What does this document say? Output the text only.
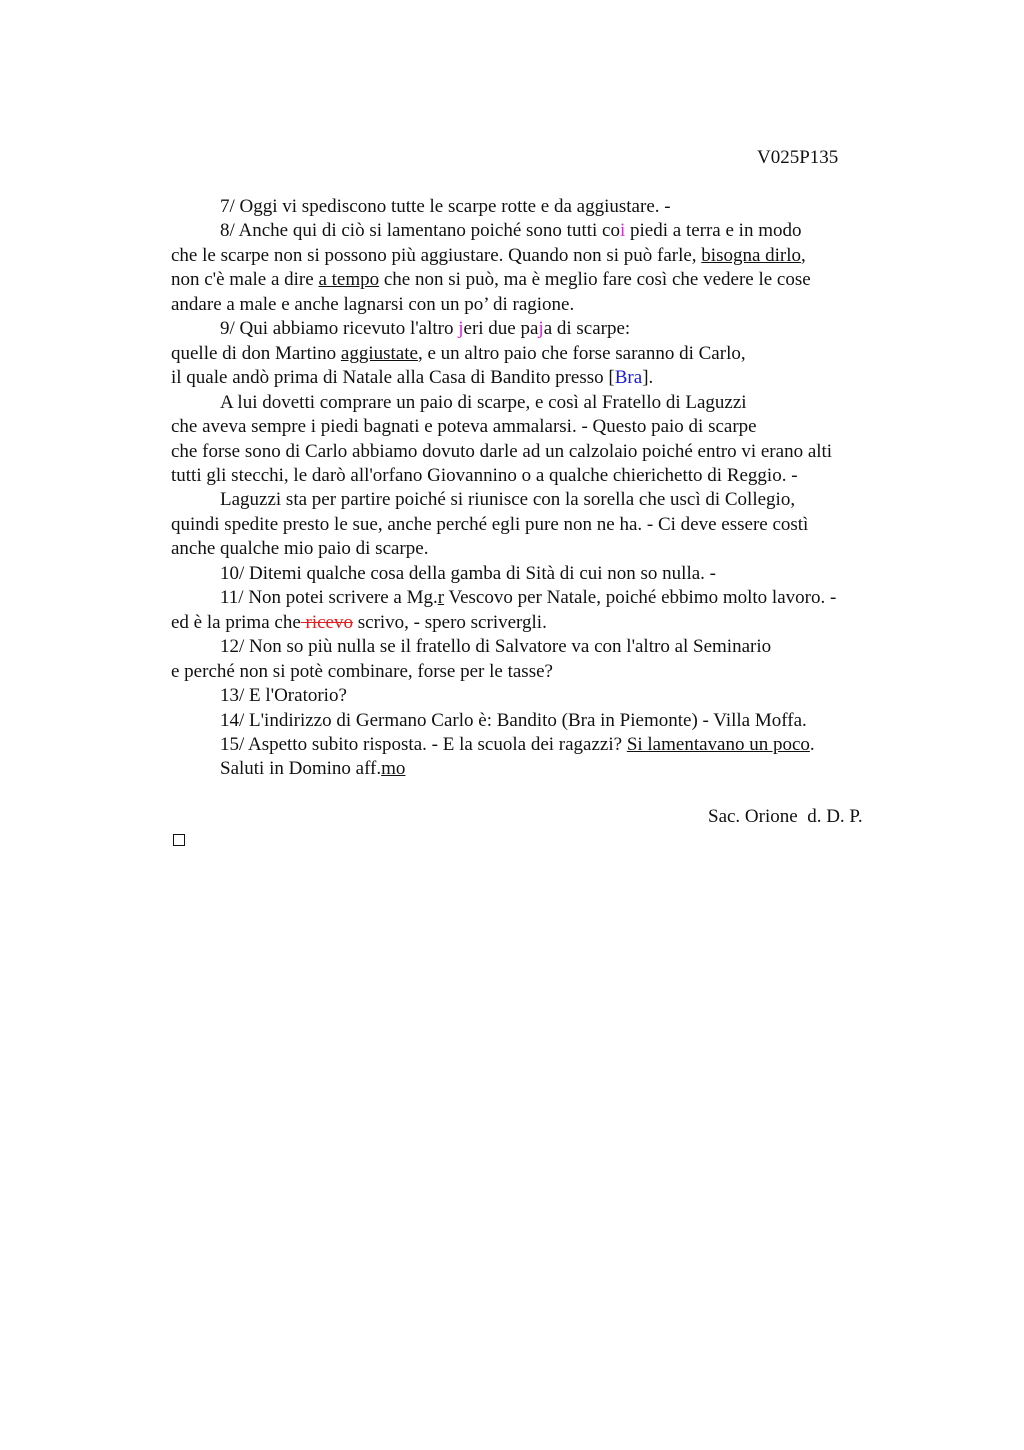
V025P135
7/ Oggi vi spediscono tutte le scarpe rotte e da aggiustare. -
8/ Anche qui di ciò si lamentano poiché sono tutti coi piedi a terra e in modo
che le scarpe non si possono più aggiustare. Quando non si può farle, bisogna dirlo,
non c'è male a dire a tempo che non si può, ma è meglio fare così che vedere le cose
andare a male e anche lagnarsi con un po’ di ragione.
9/ Qui abbiamo ricevuto l'altro jeri due paja di scarpe:
quelle di don Martino aggiustate, e un altro paio che forse saranno di Carlo,
il quale andò prima di Natale alla Casa di Bandito presso [Bra].
A lui dovetti comprare un paio di scarpe, e così al Fratello di Laguzzi
che aveva sempre i piedi bagnati e poteva ammalarsi. - Questo paio di scarpe
che forse sono di Carlo abbiamo dovuto darle ad un calzolaio poiché entro vi erano alti
tutti gli stecchi, le darò all'orfano Giovannino o a qualche chierichetto di Reggio. -
Laguzzi sta per partire poiché si riunisce con la sorella che uscì di Collegio,
quindi spedite presto le sue, anche perché egli pure non ne ha. - Ci deve essere costì
anche qualche mio paio di scarpe.
10/ Ditemi qualche cosa della gamba di Sità di cui non so nulla. -
11/ Non potei scrivere a Mg.r Vescovo per Natale, poiché ebbimo molto lavoro. -
ed è la prima che ricevo scrivo, - spero scrivergli.
12/ Non so più nulla se il fratello di Salvatore va con l'altro al Seminario
e perché non si potè combinare, forse per le tasse?
13/ E l'Oratorio?
14/ L'indirizzo di Germano Carlo è: Bandito (Bra in Piemonte) - Villa Moffa.
15/ Aspetto subito risposta. - E la scuola dei ragazzi? Si lamentavano un poco.
Saluti in Domino aff.mo
Sac. Orione  d. D. P.
